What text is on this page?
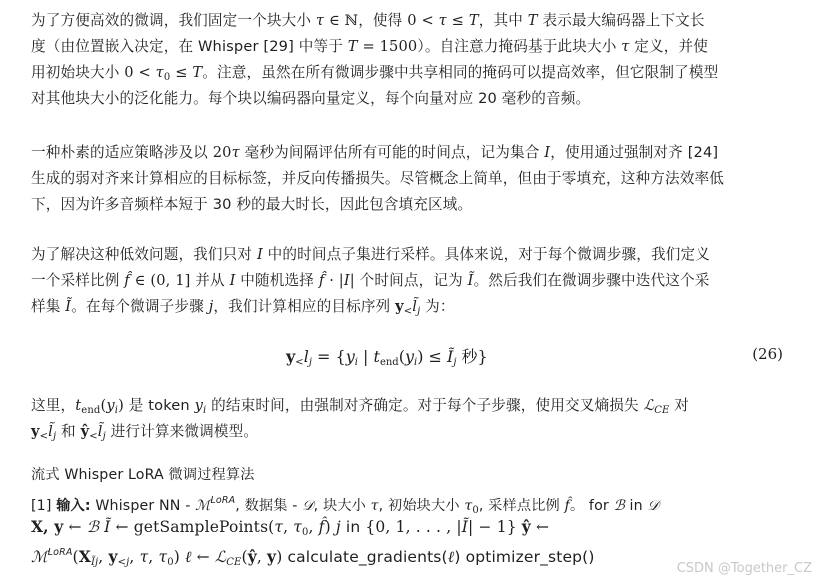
为了方便高效的微调，我们固定一个块大小 τ ∈ ℕ，使得 0 < τ ≤ T，其中 T 表示最大编码器上下文长
度（由位置嵌入决定，在 Whisper [29] 中等于 T = 1500）。自注意力掩码基于此块大小 τ 定义，并使
用初始块大小 $0 < \tau_0 \le T$。注意，虽然在所有微调步骤中共享相同的掩码可以提高效率，但它限制了模型
对其他块大小的泛化能力。每个块以编码器向量定义，每个向量对应 20 毫秒的音频。
一种朴素的适应策略涉及以 20τ 毫秒为间隔评估所有可能的时间点，记为集合 I，使用通过强制对齐 [24]
生成的弱对齐来计算相应的目标标签，并反向传播损失。尽管概念上简单，但由于零填充，这种方法效率低
下，因为许多音频样本短于 30 秒的最大时长，因此包含填充区域。
为了解决这种低效问题，我们只对 I 中的时间点子集进行采样。具体来说，对于每个微调步骤，我们定义
一个采样比例 f̂ ∈ (0, 1] 并从 I 中随机选择 f̂ · |I| 个时间点，记为 Ĩ。然后我们在微调步骤中迭代这个采
样集 Ĩ。在每个微调子步骤 j，我们计算相应的目标序列 $y_<l̃_j$ 为：
$y_<l_j = \{y_i$ | $t_{end}(y_i)$ ≤ $Ĩ_j$ 秒}	(26)
这里，$t_{end}(y_i)$ 是 token $y_i$ 的结束时间，由强制对齐确定。对于每个子步骤，使用交叉熵损失 ℒ$_{CE}$ 对
$y_<l̃_j$ 和 $ŷ_<l̃_j$ 进行计算来微调模型。
流式 Whisper LoRA 微调过程算法
[1] 输入: Whisper NN - ℳ$^{LoRA}$, 数据集 - 𝒟, 块大小 τ, 初始块大小 $\tau_0$, 采样点比例 f̂。 for ℬ in 𝒟
X, y ← ℬ Ĩ ← getSamplePoints(τ, $\tau_0$, f̂) j in {0, 1, . . . , |Ĩ| − 1} ŷ ←
$ℳ^{LoRA}(X_{Ĩj}$, $y_{<j}$, τ, $\tau_0$) ℓ ← ℒ$_{CE}$(ŷ, y) calculate_gradients(ℓ) optimizer_step()
CSDN @Together_CZ
